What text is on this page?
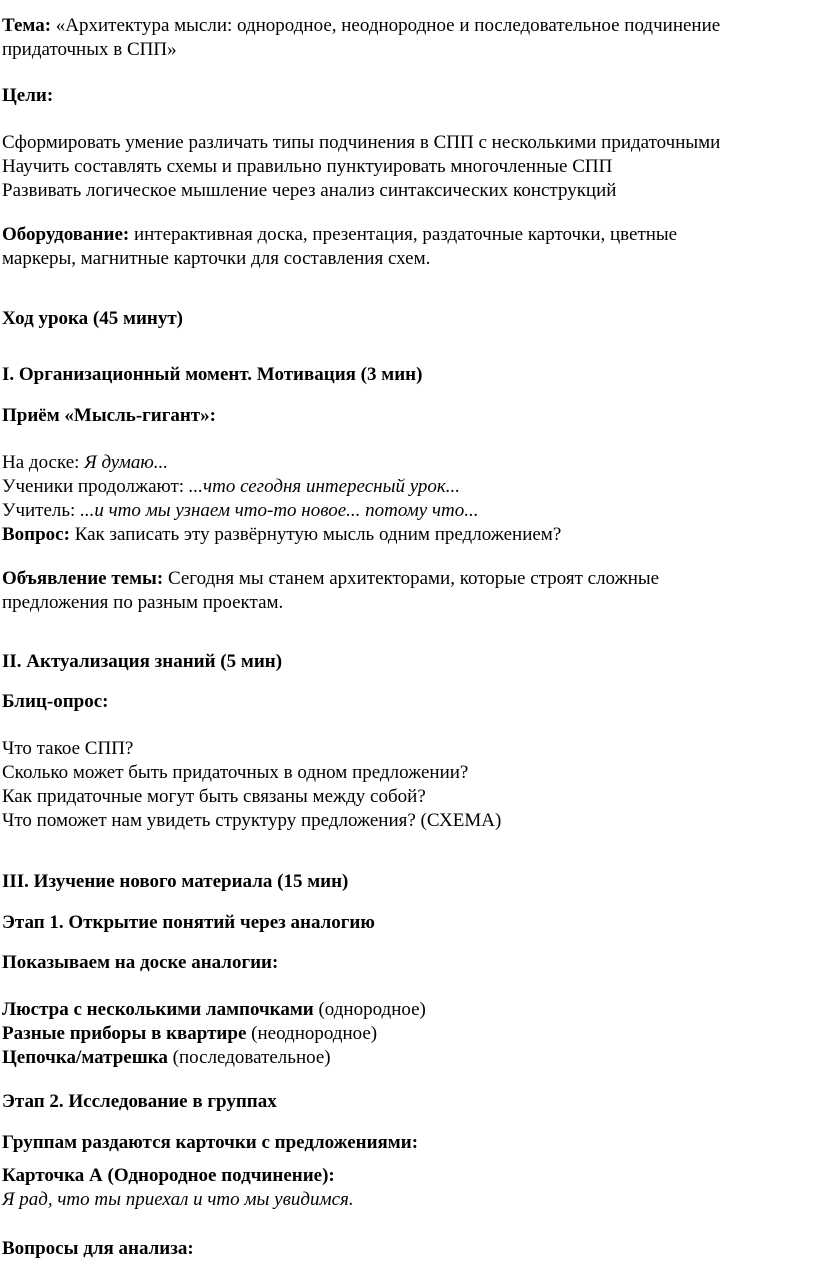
Тема: «Архитектура мысли: однородное, неоднородное и последовательное подчинение
придаточных в СПП»

Цели:

Сформировать умение различать типы подчинения в СПП с несколькими придаточными
Научить составлять схемы и правильно пунктуировать многочленные СПП
Развивать логическое мышление через анализ синтаксических конструкций

Оборудование: интерактивная доска, презентация, раздаточные карточки, цветные
маркеры, магнитные карточки для составления схем.

Ход урока (45 минут)

I. Организационный момент. Мотивация (3 мин)

Приём «Мысль-гигант»:

На доске: Я думаю...
Ученики продолжают: ...что сегодня интересный урок...
Учитель: ...и что мы узнаем что-то новое... потому что...
Вопрос: Как записать эту развёрнутую мысль одним предложением?

Объявление темы: Сегодня мы станем архитекторами, которые строят сложные
предложения по разным проектам.

II. Актуализация знаний (5 мин)

Блиц-опрос:

Что такое СПП?
Сколько может быть придаточных в одном предложении?
Как придаточные могут быть связаны между собой?
Что поможет нам увидеть структуру предложения? (СХЕМА)

III. Изучение нового материала (15 мин)

Этап 1. Открытие понятий через аналогию

Показываем на доске аналогии:

Люстра с несколькими лампочками (однородное)
Разные приборы в квартире (неоднородное)
Цепочка/матрешка (последовательное)

Этап 2. Исследование в группах

Группам раздаются карточки с предложениями:

Карточка А (Однородное подчинение):
Я рад, что ты приехал и что мы увидимся.

Вопросы для анализа:
